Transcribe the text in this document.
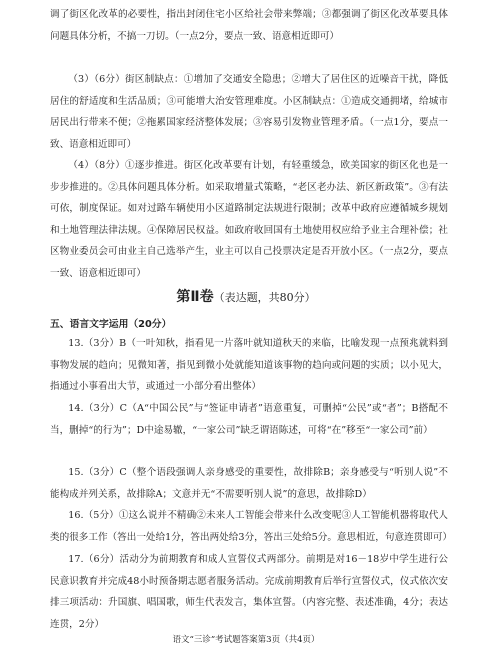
调了街区化改革的必要性，指出封闭住宅小区给社会带来弊端；③都强调了街区化改革要具体问题具体分析，不搞一刀切。（一点2分，要点一致、语意相近即可）

（3）（6分）街区制缺点：①增加了交通安全隐患；②增大了居住区的近噪音干扰，降低居住的舒适度和生活品质；③可能增大治安管理难度。小区制缺点：①造成交通拥堵，给城市居民出行带来不便；②拖累国家经济整体发展；③容易引发物业管理矛盾。（一点1分，要点一致、语意相近即可）

（4）（8分）①逐步推进。街区化改革要有计划，有轻重缓急，欧美国家的街区化也是一步步推进的。②具体问题具体分析。如采取增量式策略，“老区老办法、新区新政策”。③有法可依，制度保证。如对过路车辆使用小区道路制定法规进行限制；改革中政府应遵循城乡规划和土地管理法律法规。④保障居民权益。如政府收回国有土地使用权应给予业主合理补偿；社区物业委员会可由业主自己选举产生，业主可以自己投票决定是否开放小区。（一点2分，要点一致、语意相近即可）

第Ⅱ卷（表达题，共80分）

五、语言文字运用（20分）

13.（3分）B（一叶知秋，指看见一片落叶就知道秋天的来临，比喻发现一点预兆就料到事物发展的趋向；见微知著，指见到微小处就能知道该事物的趋向或问题的实质；以小见大，指通过小事看出大节，或通过一小部分看出整体）

14.（3分）C（A“中国公民”与“签证申请者”语意重复，可删掉“公民”或“者”；B搭配不当，删掉“的行为”；D中途易辙，“一家公司”缺乏谓语陈述，可将“在”移至“一家公司”前）

15.（3分）C（整个语段强调人亲身感受的重要性，故排除B；亲身感受与“听别人说”不能构成并列关系，故排除A；文意并无“不需要听别人说”的意思，故排除D）

16.（5分）①这么说并不精确②未来人工智能会带来什么改变呢③人工智能机器将取代人类的很多工作（答出一处给1分，答出两处给3分，答出三处给5分。意思相近，句意连贯即可）

17.（6分）活动分为前期教育和成人宣誓仪式两部分。前期是对16－18岁中学生进行公民意识教育并完成48小时预备期志愿者服务活动。完成前期教育后举行宣誓仪式，仪式依次安排三项活动：升国旗、唱国歌，师生代表发言，集体宣誓。（内容完整、表述准确，4分；表达连贯，2分）

语文“三诊”考试题答案第3页（共4页）
